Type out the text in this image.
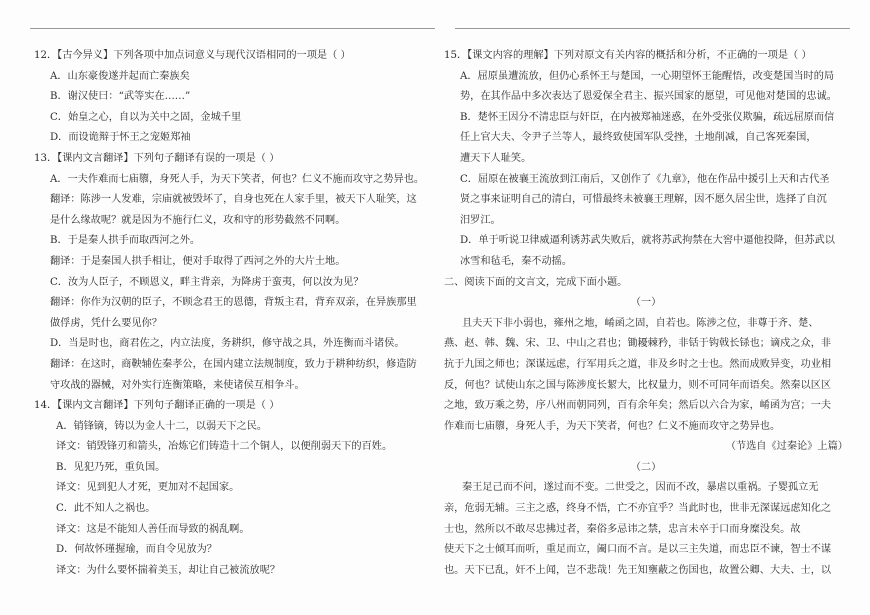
12．【古今异义】下列各项中加点词意义与现代汉语相同的一项是（ ）
A．山东豪俊遂并起而亡秦族矣
B．谢汉使曰：“武等实在……”
C．始皇之心，自以为关中之固，金城千里
D．而设诡辩于怀王之宠姬郑袖
13．【课内文言翻译】下列句子翻译有误的一项是（ ）
A．一夫作难而七庙隳，身死人手，为天下笑者，何也？仁义不施而攻守之势异也。
翻译：陈涉一人发难，宗庙就被毁坏了，自身也死在人家手里，被天下人耻笑，这
是什么缘故呢？就是因为不施行仁义，攻和守的形势截然不同啊。
B．于是秦人拱手而取西河之外。
翻译：于是秦国人拱手相让，便对手取得了西河之外的大片土地。
C．汝为人臣子，不顾恩义，畔主背亲，为降虏于蛮夷，何以汝为见？
翻译：你作为汉朝的臣子，不顾念君王的恩德，背叛主君，背弃双亲，在异族那里
做俘虏，凭什么要见你？
D．当是时也，商君佐之，内立法度，务耕织，修守战之具，外连衡而斗诸侯。
翻译：在这时，商鞅辅佐秦孝公，在国内建立法规制度，致力于耕种纺织，修造防
守攻战的器械，对外实行连衡策略，来使诸侯互相争斗。
14．【课内文言翻译】下列句子翻译正确的一项是（ ）
A．销锋镝，铸以为金人十二，以弱天下之民。
译文：销毁锋刃和箭头，冶炼它们铸造十二个铜人，以便削弱天下的百姓。
B．见犯乃死，重负国。
译文：见到犯人才死，更加对不起国家。
C．此不知人之祸也。
译文：这是不能知人善任而导致的祸乱啊。
D．何故怀瑾握瑜，而自令见放为？
译文：为什么要怀揣着美玉，却让自己被流放呢？
15．【课文内容的理解】下列对原文有关内容的概括和分析，不正确的一项是（ ）
A．屈原虽遭流放，但仍心系怀王与楚国，一心期望怀王能醒悟，改变楚国当时的局
势，在其作品中多次表达了恩爱保全君主、振兴国家的愿望，可见他对楚国的忠诚。
B．楚怀王因分不清忠臣与奸臣，在内被郑袖迷惑，在外受张仪欺骗，疏远屈原而信
任上官大夫、令尹子兰等人，最终致使国军队受挫，土地削减，自己客死秦国，
遭天下人耻笑。
C．屈原在被襄王流放到江南后，又创作了《九章》，他在作品中援引上天和古代圣
贤之事来证明自己的清白，可惜最终未被襄王理解，因不愿久居尘世，选择了自沉
汨罗江。
D．单于听说卫律威逼利诱苏武失败后，就将苏武拘禁在大窖中逼他投降，但苏武以
冰雪和毡毛，秦不动摇。
二、阅读下面的文言文，完成下面小题。
（一）
且夫天下非小弱也，雍州之地，崤函之固，自若也。陈涉之位，非尊于齐、楚、
燕、赵、韩、魏、宋、卫、中山之君也；锄耰棘矜，非铦于钩戟长铩也；谪戍之众，非
抗于九国之师也；深谋远虑，行军用兵之道，非及乡时之士也。然而成败异变，功业相
反，何也？试使山东之国与陈涉度长絜大，比权量力，则不可同年而语矣。然秦以区区
之地，致万乘之势，序八州而朝同列，百有余年矣；然后以六合为家，崤函为宫；一夫
作难而七庙隳，身死人手，为天下笑者，何也？仁义不施而攻守之势异也。
（节选自《过秦论》上篇）
（二）
秦王足己而不问，遂过而不变。二世受之，因而不改，暴虐以重祸。子婴孤立无
亲，危弱无辅。三主之惑，终身不悟，亡不亦宜乎？当此时也，世非无深谋远虑知化之
士也，然所以不敢尽忠拂过者，秦俗多忌讳之禁，忠言未卒于口而身糜没矣。故
使天下之士倾耳而听，重足而立，阖口而不言。是以三主失道，而忠臣不谏，智士不谋
也。天下已乱，奸不上闻，岂不悲哉！先王知壅蔽之伤国也，故置公卿、大夫、士，以
